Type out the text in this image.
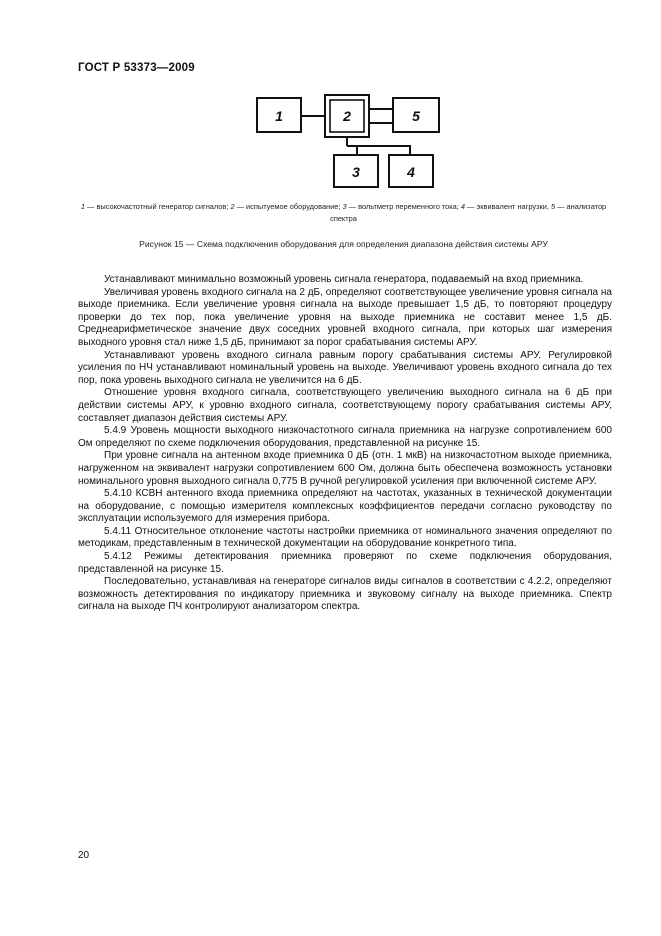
ГОСТ Р 53373—2009
1	2	5
3	4
1 — высокочастотный генератор сигналов; 2 — испытуемое оборудование; 3 — вольтметр переменного тока; 4 — эквивалент нагрузки, 5 — анализатор спектра
Рисунок 15 — Схема подключения оборудования для определения диапазона действия системы АРУ

Устанавливают минимально возможный уровень сигнала генератора, подаваемый на вход приемника.

Увеличивая уровень входного сигнала на 2 дБ, определяют соответствующее увеличение уровня сигнала на выходе приемника. Если увеличение уровня сигнала на выходе превышает 1,5 дБ, то повторяют процедуру проверки до тех пор, пока увеличение уровня на выходе приемника не составит менее 1,5 дБ. Среднеарифметическое значение двух соседних уровней входного сигнала, при которых шаг измерения выходного уровня стал ниже 1,5 дБ, принимают за порог срабатывания системы АРУ.

Устанавливают уровень входного сигнала равным порогу срабатывания системы АРУ. Регулировкой усиления по НЧ устанавливают номинальный уровень на выходе. Увеличивают уровень входного сигнала до тех пор, пока уровень выходного сигнала не увеличится на 6 дБ.

Отношение уровня входного сигнала, соответствующего увеличению выходного сигнала на 6 дБ при действии системы АРУ, к уровню входного сигнала, соответствующему порогу срабатывания системы АРУ, составляет диапазон действия системы АРУ.

5.4.9 Уровень мощности выходного низкочастотного сигнала приемника на нагрузке сопротивлением 600 Ом определяют по схеме подключения оборудования, представленной на рисунке 15.

При уровне сигнала на антенном входе приемника 0 дБ (отн. 1 мкВ) на низкочастотном выходе приемника, нагруженном на эквивалент нагрузки сопротивлением 600 Ом, должна быть обеспечена возможность установки номинального уровня выходного сигнала 0,775 В ручной регулировкой усиления при включенной системе АРУ.

5.4.10 КСВН антенного входа приемника определяют на частотах, указанных в технической документации на оборудование, с помощью измерителя комплексных коэффициентов передачи согласно руководству по эксплуатации используемого для измерения прибора.

5.4.11 Относительное отклонение частоты настройки приемника от номинального значения определяют по методикам, представленным в технической документации на оборудование конкретного типа.

5.4.12 Режимы детектирования приемника проверяют по схеме подключения оборудования, представленной на рисунке 15.

Последовательно, устанавливая на генераторе сигналов виды сигналов в соответствии с 4.2.2, определяют возможность детектирования по индикатору приемника и звуковому сигналу на выходе приемника. Спектр сигнала на выходе ПЧ контролируют анализатором спектра.

20
